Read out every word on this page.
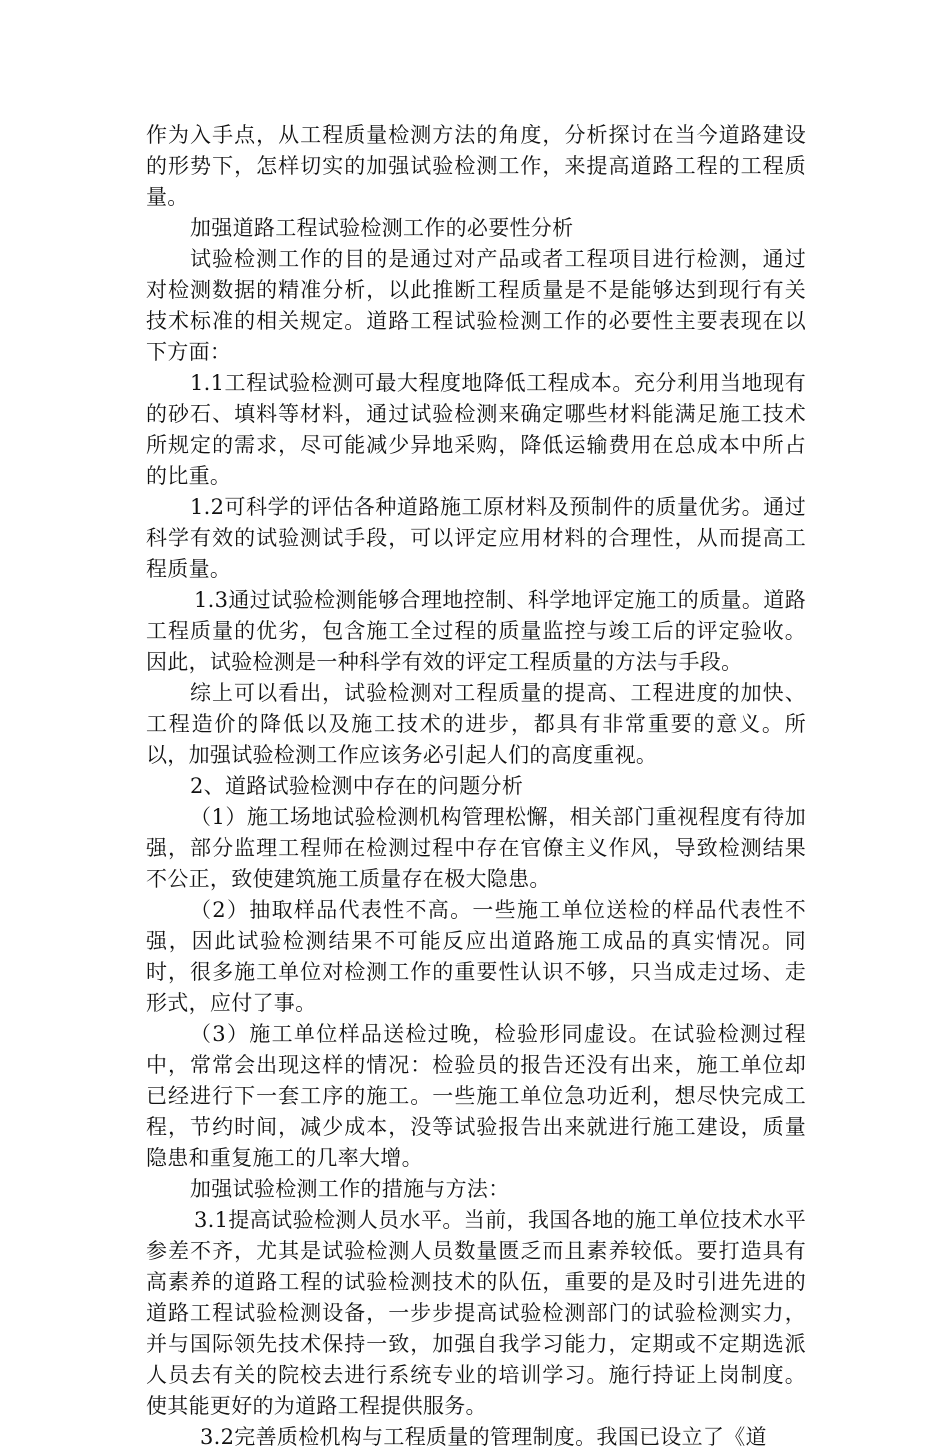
作为入手点，从工程质量检测方法的角度，分析探讨在当今道路建设的形势下，怎样切实的加强试验检测工作，来提高道路工程的工程质量。

加强道路工程试验检测工作的必要性分析

试验检测工作的目的是通过对产品或者工程项目进行检测，通过对检测数据的精准分析，以此推断工程质量是不是能够达到现行有关技术标准的相关规定。道路工程试验检测工作的必要性主要表现在以下方面：

1.1工程试验检测可最大程度地降低工程成本。充分利用当地现有的砂石、填料等材料，通过试验检测来确定哪些材料能满足施工技术所规定的需求，尽可能减少异地采购，降低运输费用在总成本中所占的比重。

1.2可科学的评估各种道路施工原材料及预制件的质量优劣。通过科学有效的试验测试手段，可以评定应用材料的合理性，从而提高工程质量。

1.3通过试验检测能够合理地控制、科学地评定施工的质量。道路工程质量的优劣，包含施工全过程的质量监控与竣工后的评定验收。因此，试验检测是一种科学有效的评定工程质量的方法与手段。

综上可以看出，试验检测对工程质量的提高、工程进度的加快、工程造价的降低以及施工技术的进步，都具有非常重要的意义。所以，加强试验检测工作应该务必引起人们的高度重视。

2、道路试验检测中存在的问题分析

（1）施工场地试验检测机构管理松懈，相关部门重视程度有待加强，部分监理工程师在检测过程中存在官僚主义作风，导致检测结果不公正，致使建筑施工质量存在极大隐患。

（2）抽取样品代表性不高。一些施工单位送检的样品代表性不强，因此试验检测结果不可能反应出道路施工成品的真实情况。同时，很多施工单位对检测工作的重要性认识不够，只当成走过场、走形式，应付了事。

（3）施工单位样品送检过晚，检验形同虚设。在试验检测过程中，常常会出现这样的情况：检验员的报告还没有出来，施工单位却已经进行下一套工序的施工。一些施工单位急功近利，想尽快完成工程，节约时间，减少成本，没等试验报告出来就进行施工建设，质量隐患和重复施工的几率大增。

加强试验检测工作的措施与方法：

3.1提高试验检测人员水平。当前，我国各地的施工单位技术水平参差不齐，尤其是试验检测人员数量匮乏而且素养较低。要打造具有高素养的道路工程的试验检测技术的队伍，重要的是及时引进先进的道路工程试验检测设备，一步步提高试验检测部门的试验检测实力，并与国际领先技术保持一致，加强自我学习能力，定期或不定期选派人员去有关的院校去进行系统专业的培训学习。施行持证上岗制度。使其能更好的为道路工程提供服务。

3.2完善质检机构与工程质量的管理制度。我国已设立了《道
